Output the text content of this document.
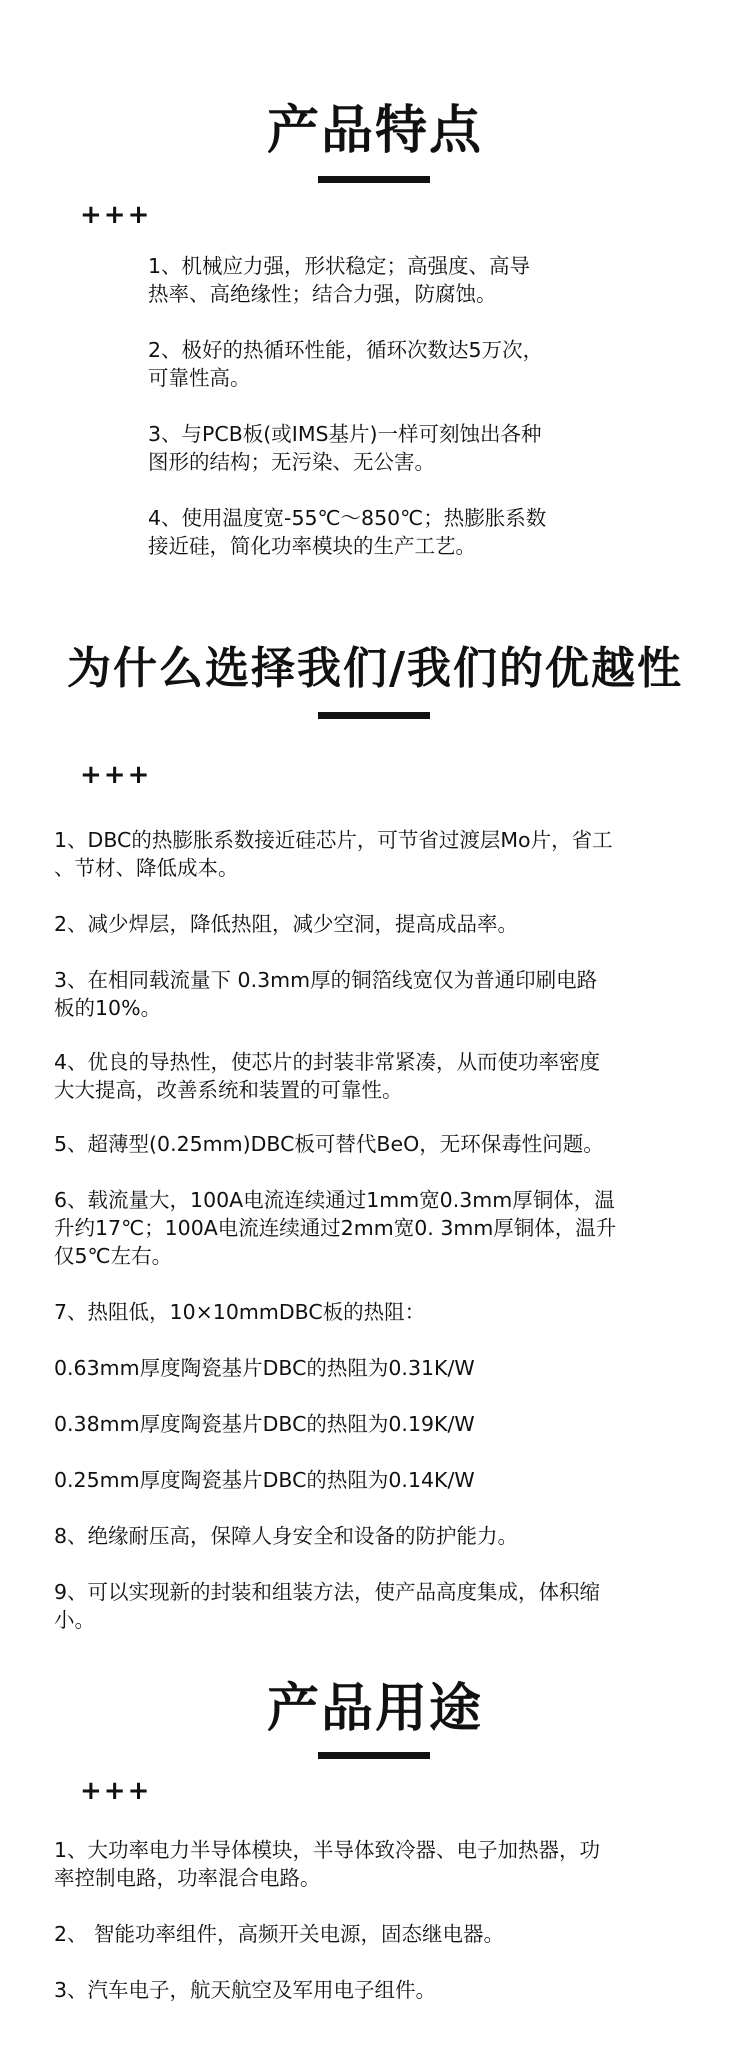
产品特点
+++
1、机械应力强，形状稳定；高强度、高导
热率、高绝缘性；结合力强，防腐蚀。
2、极好的热循环性能，循环次数达5万次，
可靠性高。
3、与PCB板(或IMS基片)一样可刻蚀出各种
图形的结构；无污染、无公害。
4、使用温度宽-55℃～850℃；热膨胀系数
接近硅，简化功率模块的生产工艺。
为什么选择我们/我们的优越性
+++
1、DBC的热膨胀系数接近硅芯片，可节省过渡层Mo片，省工
、节材、降低成本。
2、减少焊层，降低热阻，减少空洞，提高成品率。
3、在相同载流量下 0.3mm厚的铜箔线宽仅为普通印刷电路
板的10%。
4、优良的导热性，使芯片的封装非常紧凑，从而使功率密度
大大提高，改善系统和装置的可靠性。
5、超薄型(0.25mm)DBC板可替代BeO，无环保毒性问题。
6、载流量大，100A电流连续通过1mm宽0.3mm厚铜体，温
升约17℃；100A电流连续通过2mm宽0. 3mm厚铜体，温升
仅5℃左右。
7、热阻低，10×10mmDBC板的热阻：
0.63mm厚度陶瓷基片DBC的热阻为0.31K/W
0.38mm厚度陶瓷基片DBC的热阻为0.19K/W
0.25mm厚度陶瓷基片DBC的热阻为0.14K/W
8、绝缘耐压高，保障人身安全和设备的防护能力。
9、可以实现新的封装和组装方法，使产品高度集成，体积缩
小。
产品用途
+++
1、大功率电力半导体模块，半导体致冷器、电子加热器，功
率控制电路，功率混合电路。
2、 智能功率组件，高频开关电源，固态继电器。
3、汽车电子，航天航空及军用电子组件。
